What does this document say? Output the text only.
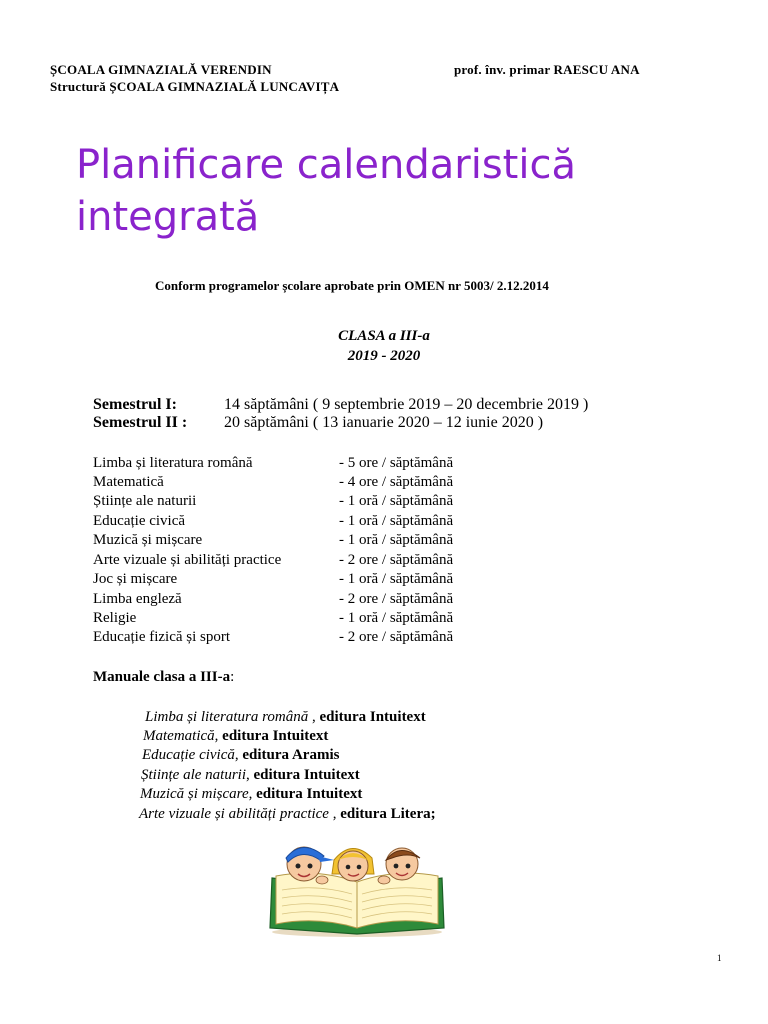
ȘCOALA GIMNAZIALĂ VERENDIN
Structură ȘCOALA GIMNAZIALĂ LUNCAVIȚA
prof. înv. primar RAESCU ANA
Planificare calendaristică
integrată
Conform programelor școlare aprobate prin OMEN nr 5003/ 2.12.2014
CLASA a III-a
2019 - 2020
Semestrul I:	14 săptămâni ( 9 septembrie 2019 – 20 decembrie 2019 )
Semestrul II : 20 săptămâni ( 13 ianuarie 2020 – 12 iunie 2020 )
Limba și literatura română	- 5 ore / săptămână
Matematică	- 4 ore / săptămână
Științe ale naturii	- 1 oră / săptămână
Educație civică	- 1 oră / săptămână
Muzică și mișcare	- 1 oră / săptămână
Arte vizuale și abilități practice	- 2 ore / săptămână
Joc și mișcare	- 1 oră / săptămână
Limba engleză	- 2 ore / săptămână
Religie	- 1 oră / săptămână
Educație fizică și sport	- 2 ore / săptămână
Manuale clasa a III-a:
Limba și literatura română , editura Intuitext
Matematică, editura Intuitext
Educație civică, editura Aramis
Științe ale naturii, editura Intuitext
Muzică și mișcare, editura Intuitext
Arte vizuale și abilități practice , editura Litera;
1
